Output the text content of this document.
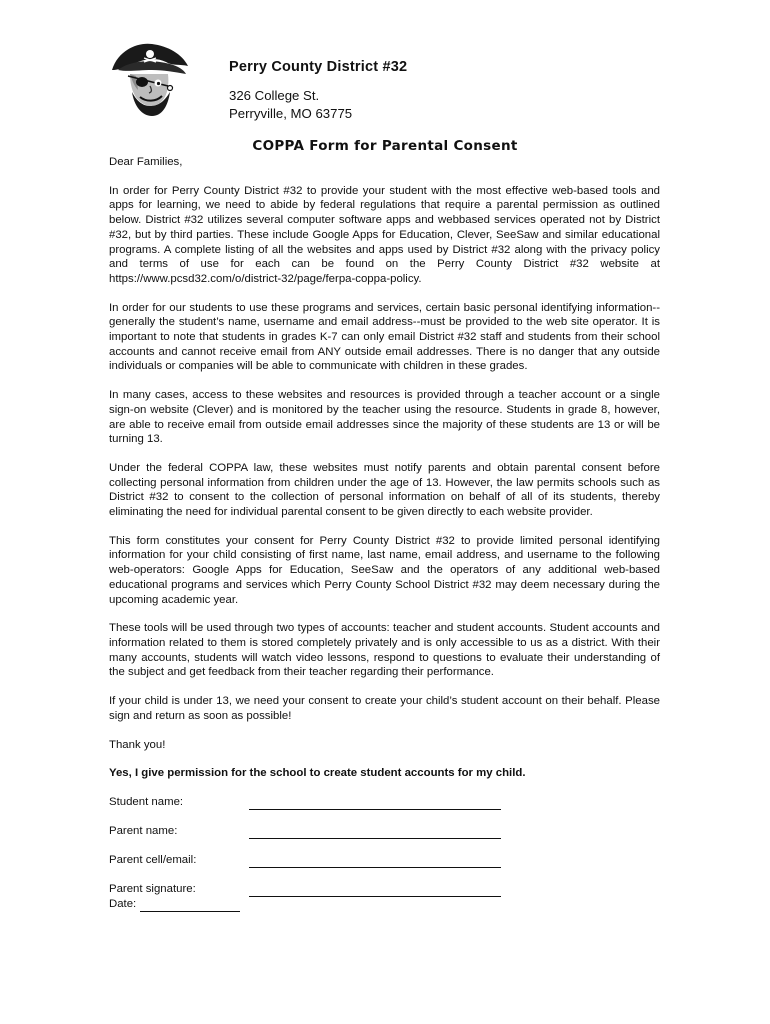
Perry County District #32
326 College St.
Perryville, MO 63775
COPPA Form for Parental Consent

Dear Families,

In order for Perry County District #32 to provide your student with the most effective web-based tools and apps for learning, we need to abide by federal regulations that require a parental permission as outlined below. District #32 utilizes several computer software apps and webbased services operated not by District #32, but by third parties. These include Google Apps for Education, Clever, SeeSaw and similar educational programs. A complete listing of all the websites and apps used by District #32 along with the privacy policy and terms of use for each can be found on the Perry County District #32 website at https://www.pcsd32.com/o/district-32/page/ferpa-coppa-policy.

In order for our students to use these programs and services, certain basic personal identifying information--generally the student’s name, username and email address--must be provided to the web site operator. It is important to note that students in grades K-7 can only email District #32 staff and students from their school accounts and cannot receive email from ANY outside email addresses. There is no danger that any outside individuals or companies will be able to communicate with children in these grades.

In many cases, access to these websites and resources is provided through a teacher account or a single sign-on website (Clever) and is monitored by the teacher using the resource. Students in grade 8, however, are able to receive email from outside email addresses since the majority of these students are 13 or will be turning 13.

Under the federal COPPA law, these websites must notify parents and obtain parental consent before collecting personal information from children under the age of 13. However, the law permits schools such as District #32 to consent to the collection of personal information on behalf of all of its students, thereby eliminating the need for individual parental consent to be given directly to each website provider.

This form constitutes your consent for Perry County District #32 to provide limited personal identifying information for your child consisting of first name, last name, email address, and username to the following web-operators: Google Apps for Education, SeeSaw and the operators of any additional web-based educational programs and services which Perry County School District #32 may deem necessary during the upcoming academic year.

These tools will be used through two types of accounts: teacher and student accounts. Student accounts and information related to them is stored completely privately and is only accessible to us as a district. With their many accounts, students will watch video lessons, respond to questions to evaluate their understanding of the subject and get feedback from their teacher regarding their performance.

If your child is under 13, we need your consent to create your child’s student account on their behalf. Please sign and return as soon as possible!

Thank you!

Yes, I give permission for the school to create student accounts for my child.

Student name:
Parent name:
Parent cell/email:
Parent signature:
Date:
